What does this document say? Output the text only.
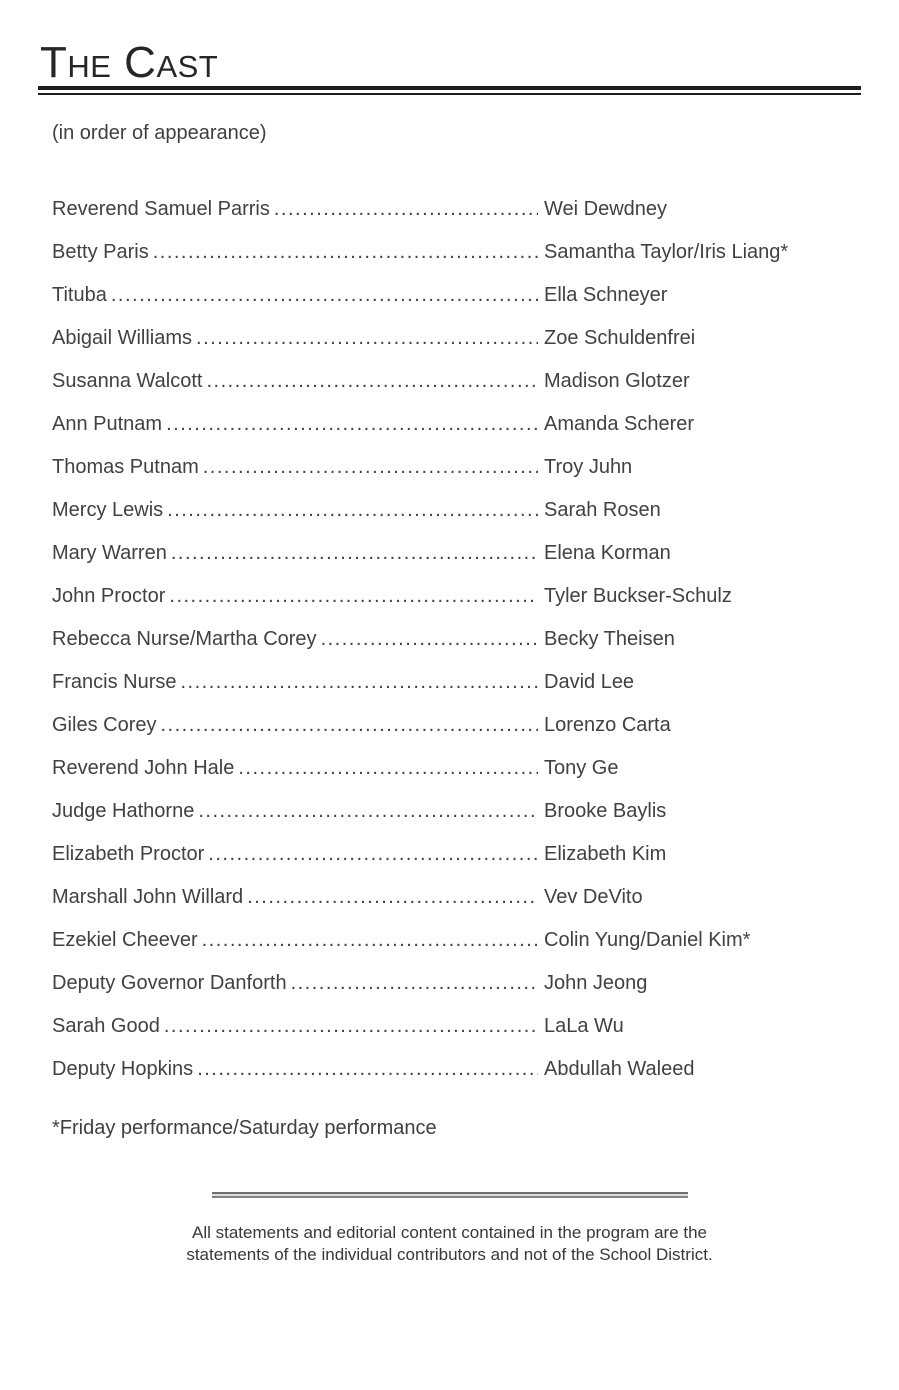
The Cast
(in order of appearance)
Reverend Samuel Parris .....	Wei Dewdney
Betty Paris .....	Samantha Taylor/Iris Liang*
Tituba .....	Ella Schneyer
Abigail Williams .....	Zoe Schuldenfrei
Susanna Walcott .....	Madison Glotzer
Ann Putnam .....	Amanda Scherer
Thomas Putnam .....	Troy Juhn
Mercy Lewis .....	Sarah Rosen
Mary Warren .....	Elena Korman
John Proctor .....	Tyler Buckser-Schulz
Rebecca Nurse/Martha Corey .....	Becky Theisen
Francis Nurse .....	David Lee
Giles Corey .....	Lorenzo Carta
Reverend John Hale .....	Tony Ge
Judge Hathorne .....	Brooke Baylis
Elizabeth Proctor .....	Elizabeth Kim
Marshall John Willard .....	Vev DeVito
Ezekiel Cheever .....	Colin Yung/Daniel Kim*
Deputy Governor Danforth .....	John Jeong
Sarah Good .....	LaLa Wu
Deputy Hopkins .....	Abdullah Waleed
*Friday performance/Saturday performance
All statements and editorial content contained in the program are the
statements of the individual contributors and not of the School District.
